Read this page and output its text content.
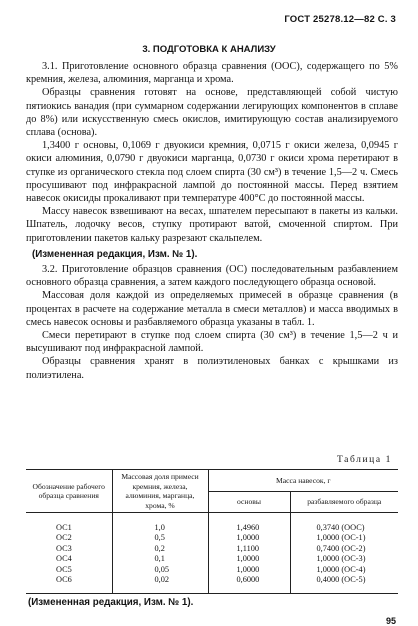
ГОСТ 25278.12—82 С. 3
3. ПОДГОТОВКА К АНАЛИЗУ

3.1. Приготовление основного образца сравнения (ООС), содержащего по 5% кремния, железа, алюминия, марганца и хрома.

Образцы сравнения готовят на основе, представляющей собой чистую пятиокись ванадия (при суммарном содержании легирующих компонентов в сплаве до 8%) или искусственную смесь окислов, имитирующую состав анализируемого сплава (основа).

1,3400 г основы, 0,1069 г двуокиси кремния, 0,0715 г окиси железа, 0,0945 г окиси алюминия, 0,0790 г двуокиси марганца, 0,0730 г окиси хрома перетирают в ступке из органического стекла под слоем спирта (30 см³) в течение 1,5—2 ч. Смесь просушивают под инфракрасной лампой до постоянной массы. Перед взятием навесок окисиды прокаливают при температуре 400°С до постоянной массы.

Массу навесок взвешивают на весах, шпателем пересыпают в пакеты из кальки. Шпатель, лодочку весов, ступку протирают ватой, смоченной спиртом. При приготовлении пакетов кальку разрезают скальпелем.

(Измененная редакция, Изм. № 1).

3.2. Приготовление образцов сравнения (ОС) последовательным разбавлением основного образца сравнения, а затем каждого последующего образца основой.

Массовая доля каждой из определяемых примесей в образце сравнения (в процентах в расчете на содержание металла в смеси металлов) и масса вводимых в смесь навесок основы и разбавляемого образца указаны в табл. 1.

Смеси перетирают в ступке под слоем спирта (30 см³) в течение 1,5—2 ч и высушивают под инфракрасной лампой.

Образцы сравнения хранят в полиэтиленовых банках с крышками из полиэтилена.

Таблица 1
Обозначение рабочего образца сравнения	Массовая доля примеси кремния, железа, алюминия, марганца, хрома, %	Масса навесок, г	
		основы	разбавляемого образца
ОС1	1,0	1,4960	0,3740 (ООС)
ОС2	0,5	1,0000	1,0000 (ОС-1)
ОС3	0,2	1,1100	0,7400 (ОС-2)
ОС4	0,1	1,0000	1,0000 (ОС-3)
ОС5	0,05	1,0000	1,0000 (ОС-4)
ОС6	0,02	0,6000	0,4000 (ОС-5)
(Измененная редакция, Изм. № 1).
95
